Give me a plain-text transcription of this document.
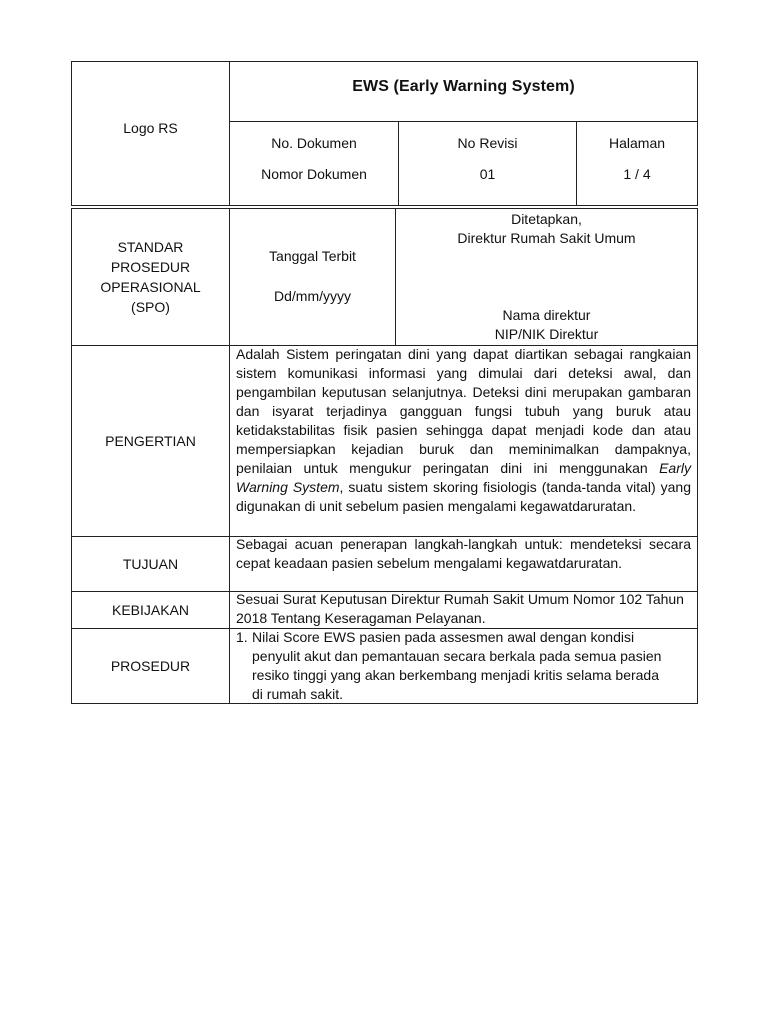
Logo RS
EWS (Early Warning System)
No. Dokumen
Nomor Dokumen
No Revisi
01
Halaman
1 / 4
STANDAR
PROSEDUR
OPERASIONAL
(SPO)
Tanggal Terbit
Dd/mm/yyyy
Ditetapkan,
Direktur Rumah Sakit Umum
Nama direktur
NIP/NIK Direktur
PENGERTIAN
Adalah Sistem peringatan dini yang dapat diartikan sebagai rangkaian sistem komunikasi informasi yang dimulai dari deteksi awal, dan pengambilan keputusan selanjutnya. Deteksi dini merupakan gambaran dan isyarat terjadinya gangguan fungsi tubuh yang buruk atau ketidakstabilitas fisik pasien sehingga dapat menjadi kode dan atau mempersiapkan kejadian buruk dan meminimalkan dampaknya, penilaian untuk mengukur peringatan dini ini menggunakan Early Warning System, suatu sistem skoring fisiologis (tanda-tanda vital) yang digunakan di unit sebelum pasien mengalami kegawatdaruratan.
TUJUAN
Sebagai acuan penerapan langkah-langkah untuk: mendeteksi secara cepat keadaan pasien sebelum mengalami kegawatdaruratan.
KEBIJAKAN
Sesuai Surat Keputusan Direktur Rumah Sakit Umum Nomor 102 Tahun 2018 Tentang Keseragaman Pelayanan.
PROSEDUR
1. Nilai Score EWS pasien pada assesmen awal dengan kondisi penyulit akut dan pemantauan secara berkala pada semua pasien resiko tinggi yang akan berkembang menjadi kritis selama berada di rumah sakit.
